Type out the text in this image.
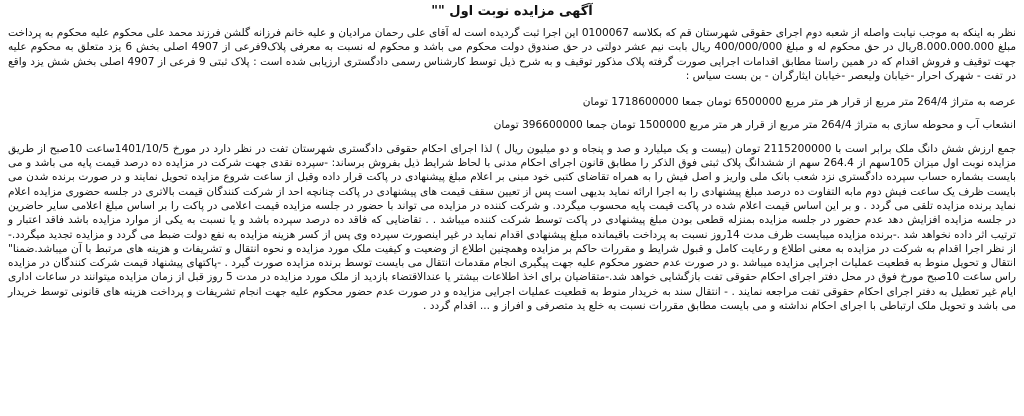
آگهی مزایده نوبت اول ""

نظر به اینکه به موجب نیابت واصله از شعبه دوم اجرای حقوقی شهرستان قم که بکلاسه 0100067 این اجرا ثبت گردیده است له آقای علی رحمان مرادیان و علیه خانم فرزانه گلشن فرزند محمد علی محکوم علیه محکوم به پرداخت مبلغ 8.000.000.000ریال در حق محکوم له و مبلغ 400/000/000 ریال بابت نیم عشر دولتی در حق صندوق دولت محکوم می باشد و محکوم له نسبت به معرفی پلاک9فرعی از 4907 اصلی بخش 6 یزد متعلق به محکوم علیه جهت توقیف و فروش اقدام که در همین راستا مطابق اقدامات اجرایی صورت گرفته پلاک مذکور توقیف و به شرح ذیل توسط کارشناس رسمی دادگستری ارزیابی شده است : پلاک ثبتی 9 فرعی از 4907 اصلی بخش شش یزد واقع در تفت - شهرک احرار -خیابان ولیعصر -خیابان ایثارگران - بن بست سیاس :

عرصه به متراژ 264/4 متر مربع از قرار هر متر مربع 6500000 تومان جمعا 1718600000 تومان

انشعاب آب و محوطه سازی به متراژ 264/4 متر مربع از قرار هر متر مربع 1500000 تومان جمعا 396600000 تومان

جمع ارزش شش دانگ ملک برابر است با 2115200000 تومان (بیست و یک میلیارد و صد و پنجاه و دو میلیون ریال ) لذا اجرای احکام حقوقی دادگستری شهرستان تفت در نظر دارد در مورخ 1401/10/5ساعت 10صبح از طریق مزایده نوبت اول میزان 105سهم از 264.4 سهم از ششدانگ پلاک ثبتی فوق الذکر را مطابق قانون اجرای احکام مدنی با لحاظ شرایط ذیل بفروش برساند: -سپرده نقدی جهت شرکت در مزایده ده درصد قیمت پایه می باشد و می بایست بشماره حساب سپرده دادگستری نزد شعب بانک ملی واریز و اصل فیش را به همراه تقاضای کتبی خود مبنی بر اعلام مبلغ پیشنهادی در پاکت قرار داده وقبل از ساعت شروع مزایده تحویل نمایند و در صورت برنده شدن می بایست ظرف یک ساعت فیش دوم مابه التفاوت ده درصد مبلغ پیشنهادی را به اجرا ارائه نماید بدیهی است پس از تعیین سقف قیمت های پیشنهادی در پاکت چنانچه احد از شرکت کنندگان قیمت بالاتری در جلسه حضوری مزایده اعلام نماید برنده مزایده تلقی می گردد . و بر این اساس قیمت اعلام شده در پاکت قیمت پایه محسوب میگردد. و شرکت کننده در مزایده می تواند با حضور در جلسه مزایده قیمت اعلامی در پاکت را بر اساس مبلغ اعلامی سایر حاضرین در جلسه مزایده افزایش دهد عدم حضور در جلسه مزایده بمنزله قطعی بودن مبلغ پیشنهادی در پاکت توسط شرکت کننده میباشد . . تقاضایی که فاقد ده درصد سپرده باشد و یا نسبت به یکی از موارد مزایده باشد فاقد اعتبار و ترتیب اثر داده نخواهد شد .-برنده مزایده میبایست ظرف مدت 14روز نسبت به پرداخت باقیمانده مبلغ پیشنهادی اقدام نماید در غیر اینصورت سپرده وی پس از کسر هزینه مزایده به نفع دولت ضبط می گردد و مزایده تجدید میگردد.-از نظر اجرا اقدام به شرکت در مزایده به معنی اطلاع و رعایت کامل و قبول شرایط و مقررات حاکم بر مزایده وهمچنین اطلاع از وضعیت و کیفیت ملک مورد مزایده و نحوه انتقال و تشریفات و هزینه های مرتبط با آن میباشد.ضمنا" انتقال و تحویل منوط به قطعیت عملیات اجرایی مزایده میباشد .و در صورت عدم حضور محکوم علیه جهت پیگیری انجام مقدمات انتقال می بایست توسط برنده مزایده صورت گیرد . -پاکتهای پیشنهاد قیمت شرکت کنندگان در مزایده راس ساعت 10صبح مورخ فوق در محل دفتر اجرای احکام حقوقی تفت بازگشایی خواهد شد.-متقاضیان برای اخذ اطلاعات بیشتر یا عندالاقتضاء بازدید از ملک مورد مزایده در مدت 5 روز قبل از زمان مزایده میتوانند در ساعات اداری ایام غیر تعطیل به دفتر اجرای احکام حقوقی تفت مراجعه نمایند . - انتقال سند به خریدار منوط به قطعیت عملیات اجرایی مزایده و در صورت عدم حضور محکوم علیه جهت انجام تشریفات و پرداخت هزینه های قانونی توسط خریدار می باشد و تحویل ملک ارتباطی با اجرای احکام نداشته و می بایست مطابق مقررات نسبت به خلع ید متصرفی و افراز و ... اقدام گردد .
